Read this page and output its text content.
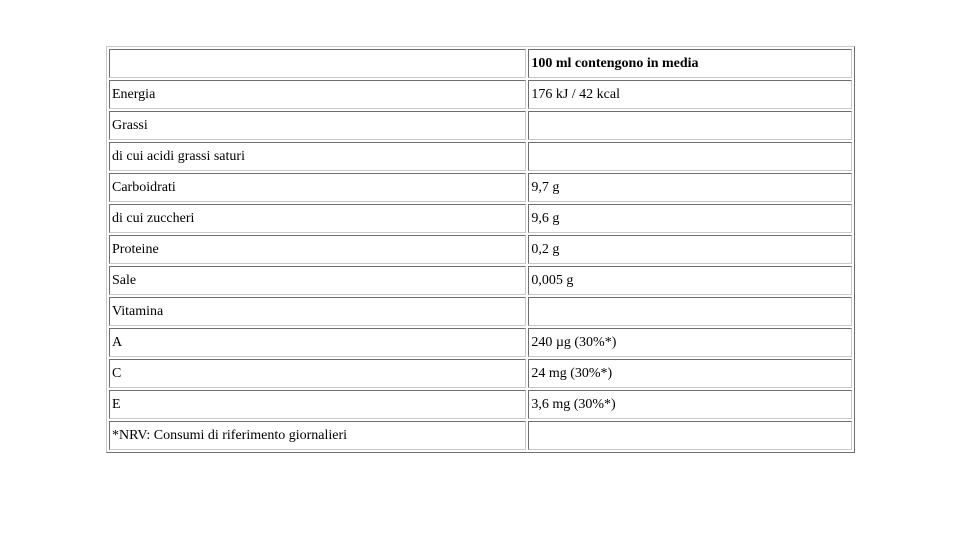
	100 ml contengono in media
Energia	176 kJ / 42 kcal
Grassi	
di cui acidi grassi saturi	
Carboidrati	9,7 g
di cui zuccheri	9,6 g
Proteine	0,2 g
Sale	0,005 g
Vitamina	
A	240 µg (30%*)
C	24 mg (30%*)
E	3,6 mg (30%*)
*NRV: Consumi di riferimento giornalieri	
